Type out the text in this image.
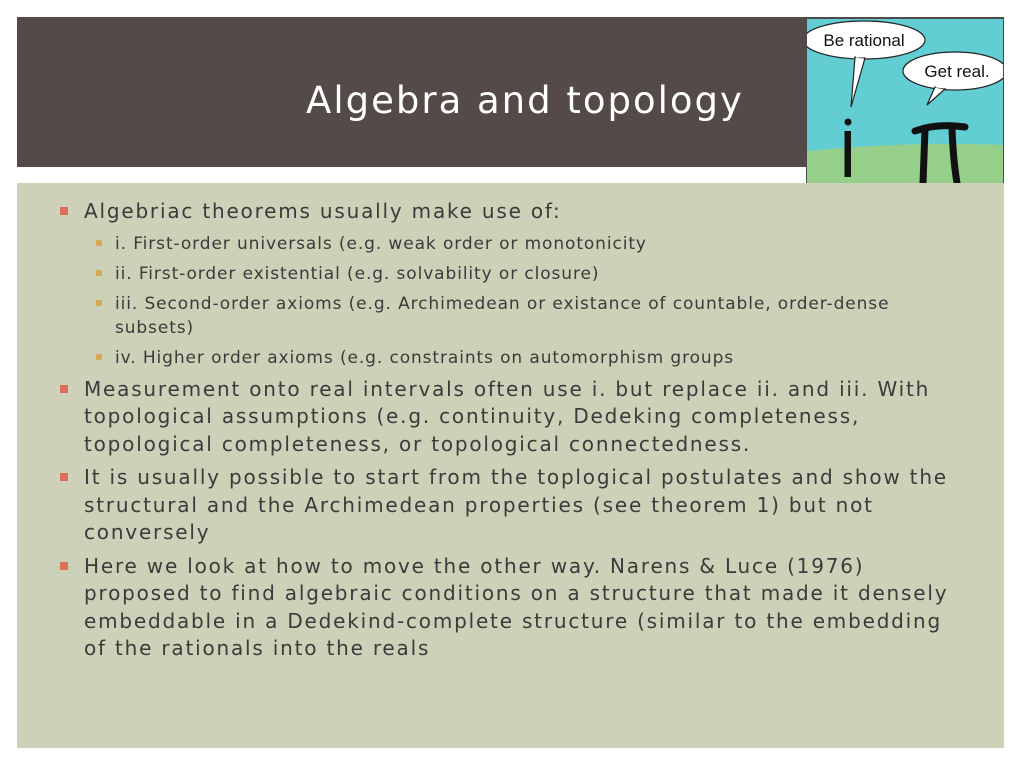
Algebra and topology
Be rational
Get real.
Algebriac theorems usually make use of:
i. First-order universals (e.g. weak order or monotonicity
ii. First-order existential (e.g. solvability or closure)
iii. Second-order axioms (e.g. Archimedean or existance of countable, order-dense subsets)
iv. Higher order axioms (e.g. constraints on automorphism groups
Measurement onto real intervals often use i. but replace ii. and iii. With topological assumptions (e.g. continuity, Dedeking completeness, topological completeness, or topological connectedness.
It is usually possible to start from the toplogical postulates and show the structural and the Archimedean properties (see theorem 1) but not conversely
Here we look at how to move the other way. Narens & Luce (1976) proposed to find algebraic conditions on a structure that made it densely embeddable in a Dedekind-complete structure (similar to the embedding of the rationals into the reals
